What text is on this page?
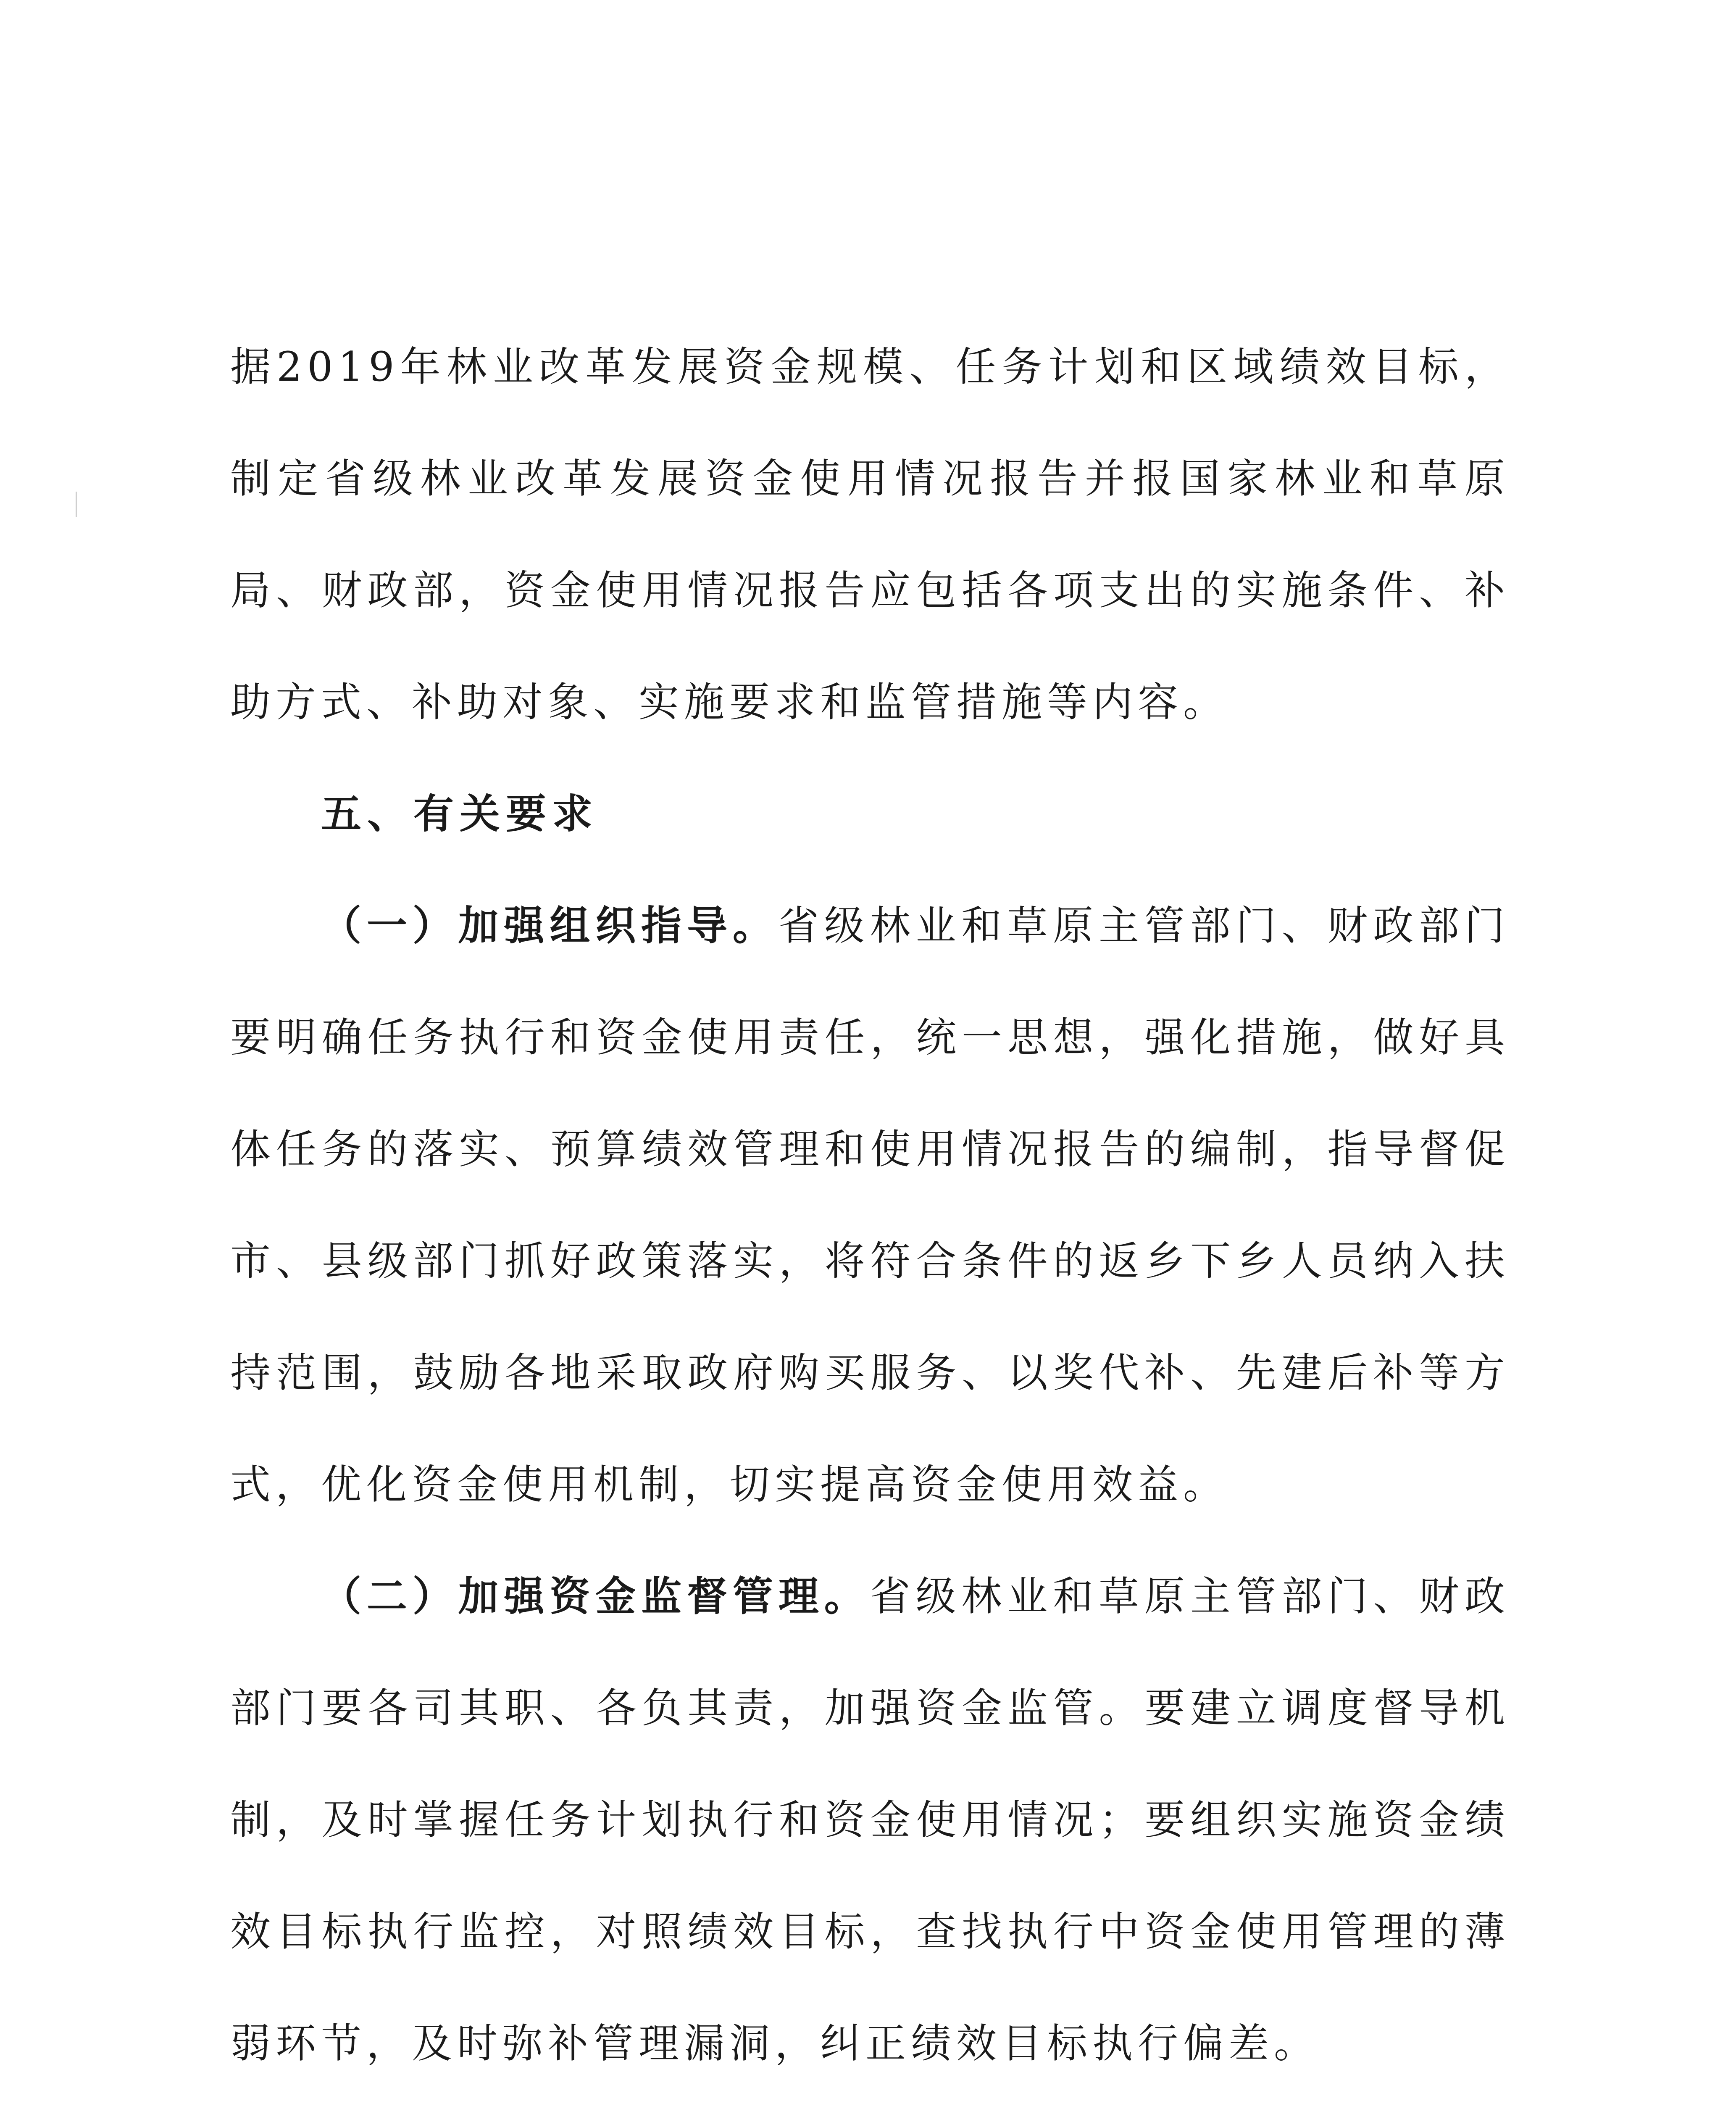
据2019年林业改革发展资金规模、任务计划和区域绩效目标，制定省级林业改革发展资金使用情况报告并报国家林业和草原局、财政部，资金使用情况报告应包括各项支出的实施条件、补助方式、补助对象、实施要求和监管措施等内容。

五、有关要求

（一）加强组织指导。省级林业和草原主管部门、财政部门要明确任务执行和资金使用责任，统一思想，强化措施，做好具体任务的落实、预算绩效管理和使用情况报告的编制，指导督促市、县级部门抓好政策落实，将符合条件的返乡下乡人员纳入扶持范围，鼓励各地采取政府购买服务、以奖代补、先建后补等方式，优化资金使用机制，切实提高资金使用效益。

（二）加强资金监督管理。省级林业和草原主管部门、财政部门要各司其职、各负其责，加强资金监管。要建立调度督导机制，及时掌握任务计划执行和资金使用情况；要组织实施资金绩效目标执行监控，对照绩效目标，查找执行中资金使用管理的薄弱环节，及时弥补管理漏洞，纠正绩效目标执行偏差。
